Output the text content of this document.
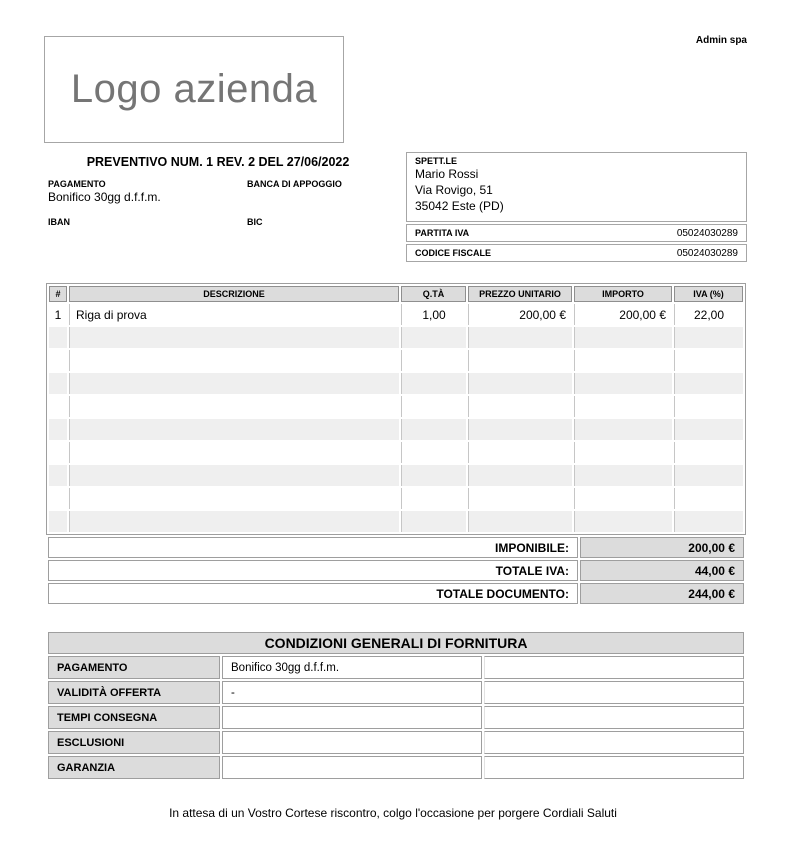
Admin spa
Logo azienda
PREVENTIVO NUM. 1 REV. 2 DEL 27/06/2022
PAGAMENTO	BANCA DI APPOGGIO
Bonifico 30gg d.f.f.m.
IBAN	BIC
SPETT.LE
Mario Rossi
Via Rovigo, 51
35042 Este (PD)
PARTITA IVA	05024030289
CODICE FISCALE	05024030289
#	DESCRIZIONE	Q.TÀ	PREZZO UNITARIO	IMPORTO	IVA (%)
1	Riga di prova	1,00	200,00 €	200,00 €	22,00

IMPONIBILE:	200,00 €
TOTALE IVA:	44,00 €
TOTALE DOCUMENTO:	244,00 €
CONDIZIONI GENERALI DI FORNITURA		
PAGAMENTO	Bonifico 30gg d.f.f.m.	
VALIDITÀ OFFERTA	-	
TEMPI CONSEGNA		
ESCLUSIONI		
GARANZIA		
In attesa di un Vostro Cortese riscontro, colgo l'occasione per porgere Cordiali Saluti
